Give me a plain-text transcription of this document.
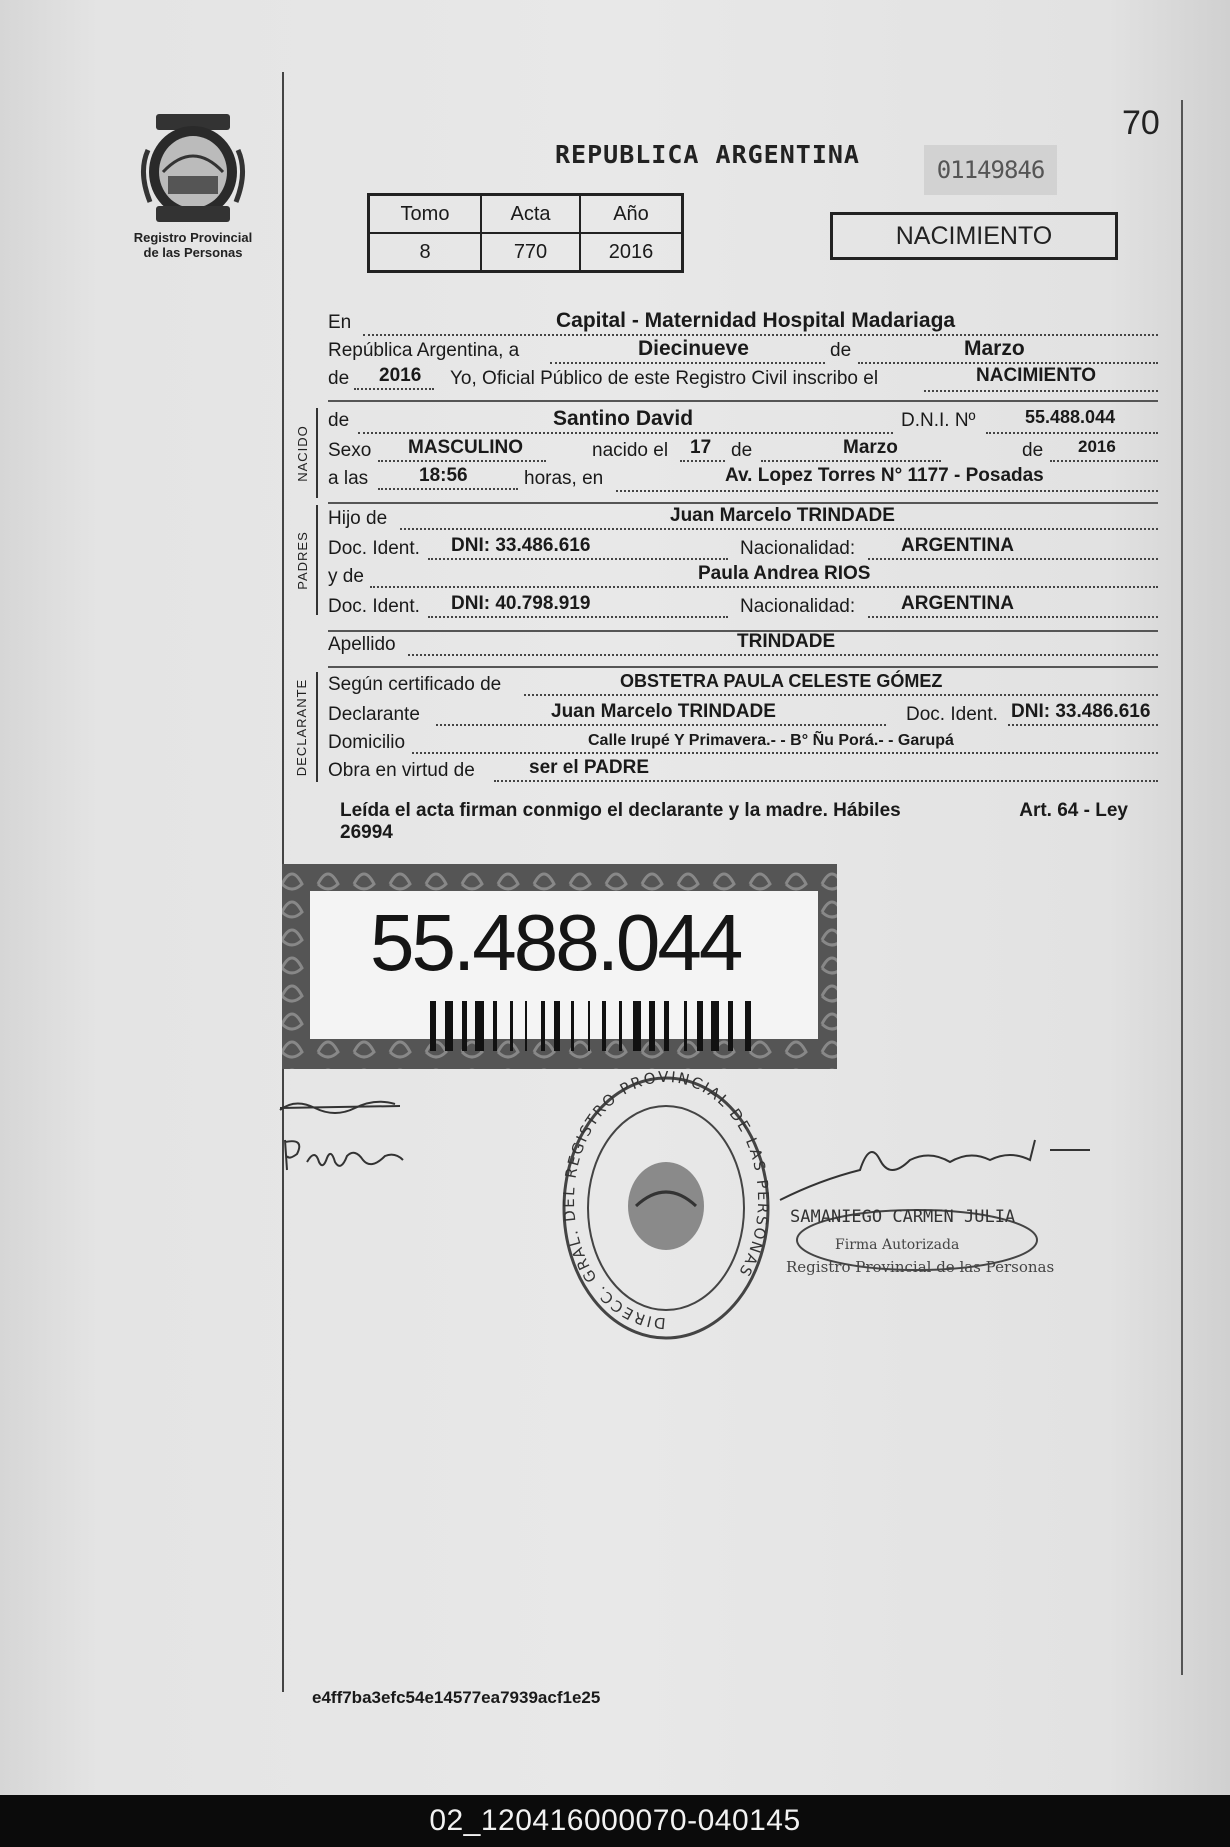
Registro Provincial
de las Personas
70
REPUBLICA ARGENTINA
01149846
Tomo	Acta	Año
8	770	2016
NACIMIENTO
En	Capital - Maternidad Hospital Madariaga
República Argentina, a	Diecinueve	de	Marzo
de 2016 Yo, Oficial Público de este Registro Civil inscribo el	NACIMIENTO
NACIDO
de	Santino David	D.N.I. Nº	55.488.044
Sexo MASCULINO	nacido el 17 de	Marzo	de 2016
a las	18:56	horas, en	Av. Lopez Torres N° 1177 - Posadas
PADRES
Hijo de	Juan Marcelo TRINDADE
Doc. Ident. DNI: 33.486.616	Nacionalidad: ARGENTINA
y de	Paula Andrea RIOS
Doc. Ident. DNI: 40.798.919	Nacionalidad: ARGENTINA
Apellido	TRINDADE
DECLARANTE Según certificado de	OBSTETRA PAULA CELESTE GÓMEZ
Declarante	Juan Marcelo TRINDADE	Doc. Ident. DNI: 33.486.616
Domicilio	Calle Irupé Y Primavera.- - B° Ñu Porá.- - Garupá
Obra en virtud de	ser el PADRE
Leída el acta firman conmigo el declarante y la madre. Hábiles	Art. 64 - Ley

26994
55.488.044
DIRECC. GRAL. DEL REGISTRO PROVINCIAL DE LAS PERSONAS
SAMANIEGO CARMEN JULIA
Firma Autorizada
Registro Provincial de las Personas
e4ff7ba3efc54e14577ea7939acf1e25
02_120416000070-040145
